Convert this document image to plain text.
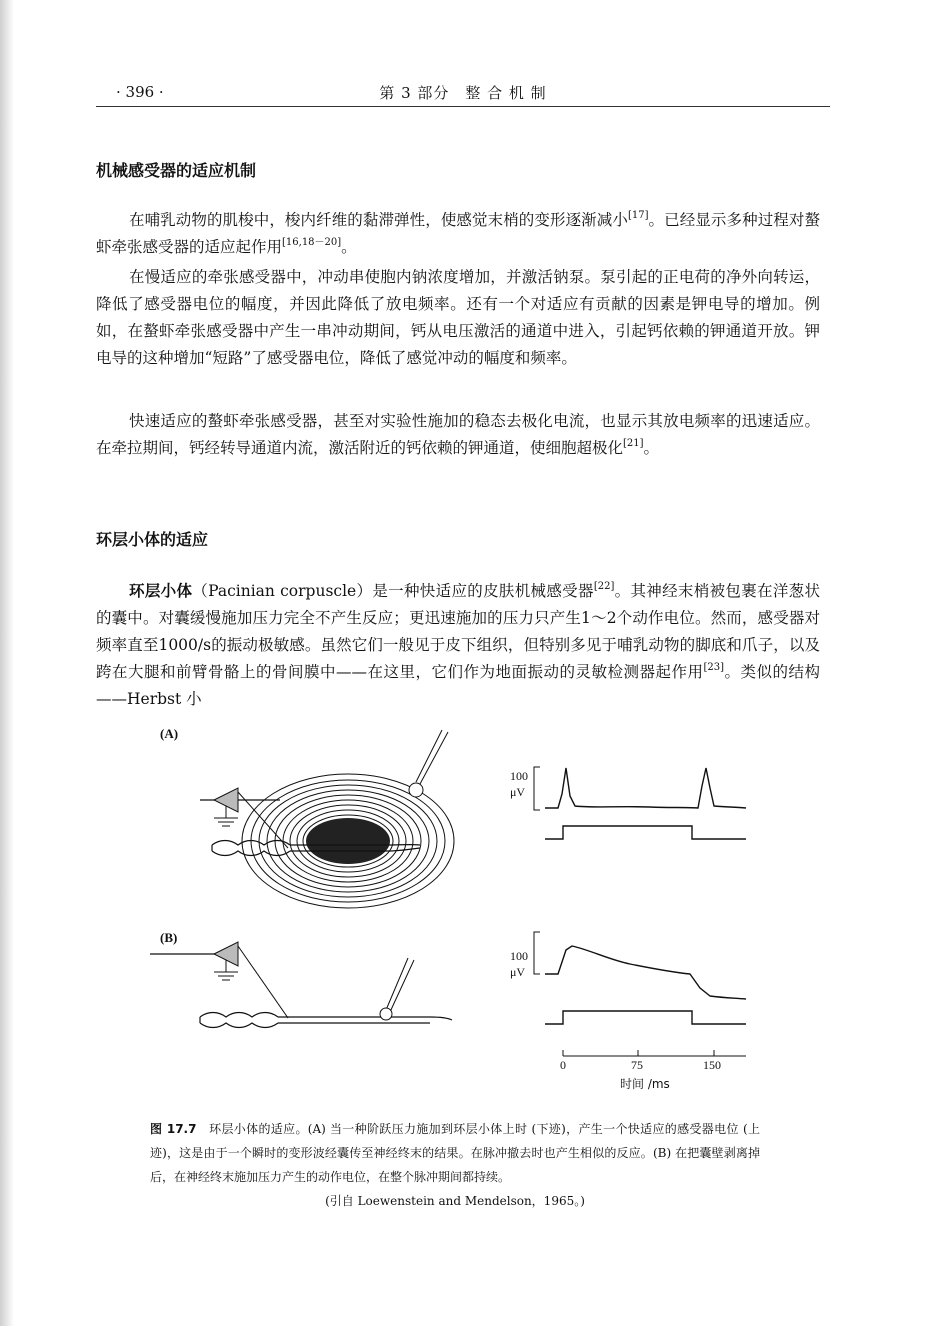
· 396 ·	第 3 部分　整 合 机 制
机械感受器的适应机制

在哺乳动物的肌梭中，梭内纤维的黏滞弹性，使感觉末梢的变形逐渐减小[17]。已经显示多种过程对螯虾牵张感受器的适应起作用[16,18－20]。

在慢适应的牵张感受器中，冲动串使胞内钠浓度增加，并激活钠泵。泵引起的正电荷的净外向转运，降低了感受器电位的幅度，并因此降低了放电频率。还有一个对适应有贡献的因素是钾电导的增加。例如，在螯虾牵张感受器中产生一串冲动期间，钙从电压激活的通道中进入，引起钙依赖的钾通道开放。钾电导的这种增加“短路”了感受器电位，降低了感觉冲动的幅度和频率。

快速适应的螯虾牵张感受器，甚至对实验性施加的稳态去极化电流，也显示其放电频率的迅速适应。在牵拉期间，钙经转导通道内流，激活附近的钙依赖的钾通道，使细胞超极化[21]。

环层小体的适应

环层小体（Pacinian corpuscle）是一种快适应的皮肤机械感受器[22]。其神经末梢被包裹在洋葱状的囊中。对囊缓慢施加压力完全不产生反应；更迅速施加的压力只产生1～2个动作电位。然而，感受器对频率直至1000/s的振动极敏感。虽然它们一般见于皮下组织，但特别多见于哺乳动物的脚底和爪子，以及跨在大腿和前臂骨骼上的骨间膜中——在这里，它们作为地面振动的灵敏检测器起作用[23]。类似的结构——Herbst 小

(A)
100
μV
(B)
100
μV
0	75	150
时间 /ms

图 17.7　 环层小体的适应。(A) 当一种阶跃压力施加到环层小体上时 (下迹)，产生一个快适应的感受器电位 (上迹)，这是由于一个瞬时的变形波经囊传至神经终末的结果。在脉冲撤去时也产生相似的反应。(B) 在把囊壁剥离掉后，在神经终末施加压力产生的动作电位，在整个脉冲期间都持续。
(引自 Loewenstein and Mendelson，1965。)
